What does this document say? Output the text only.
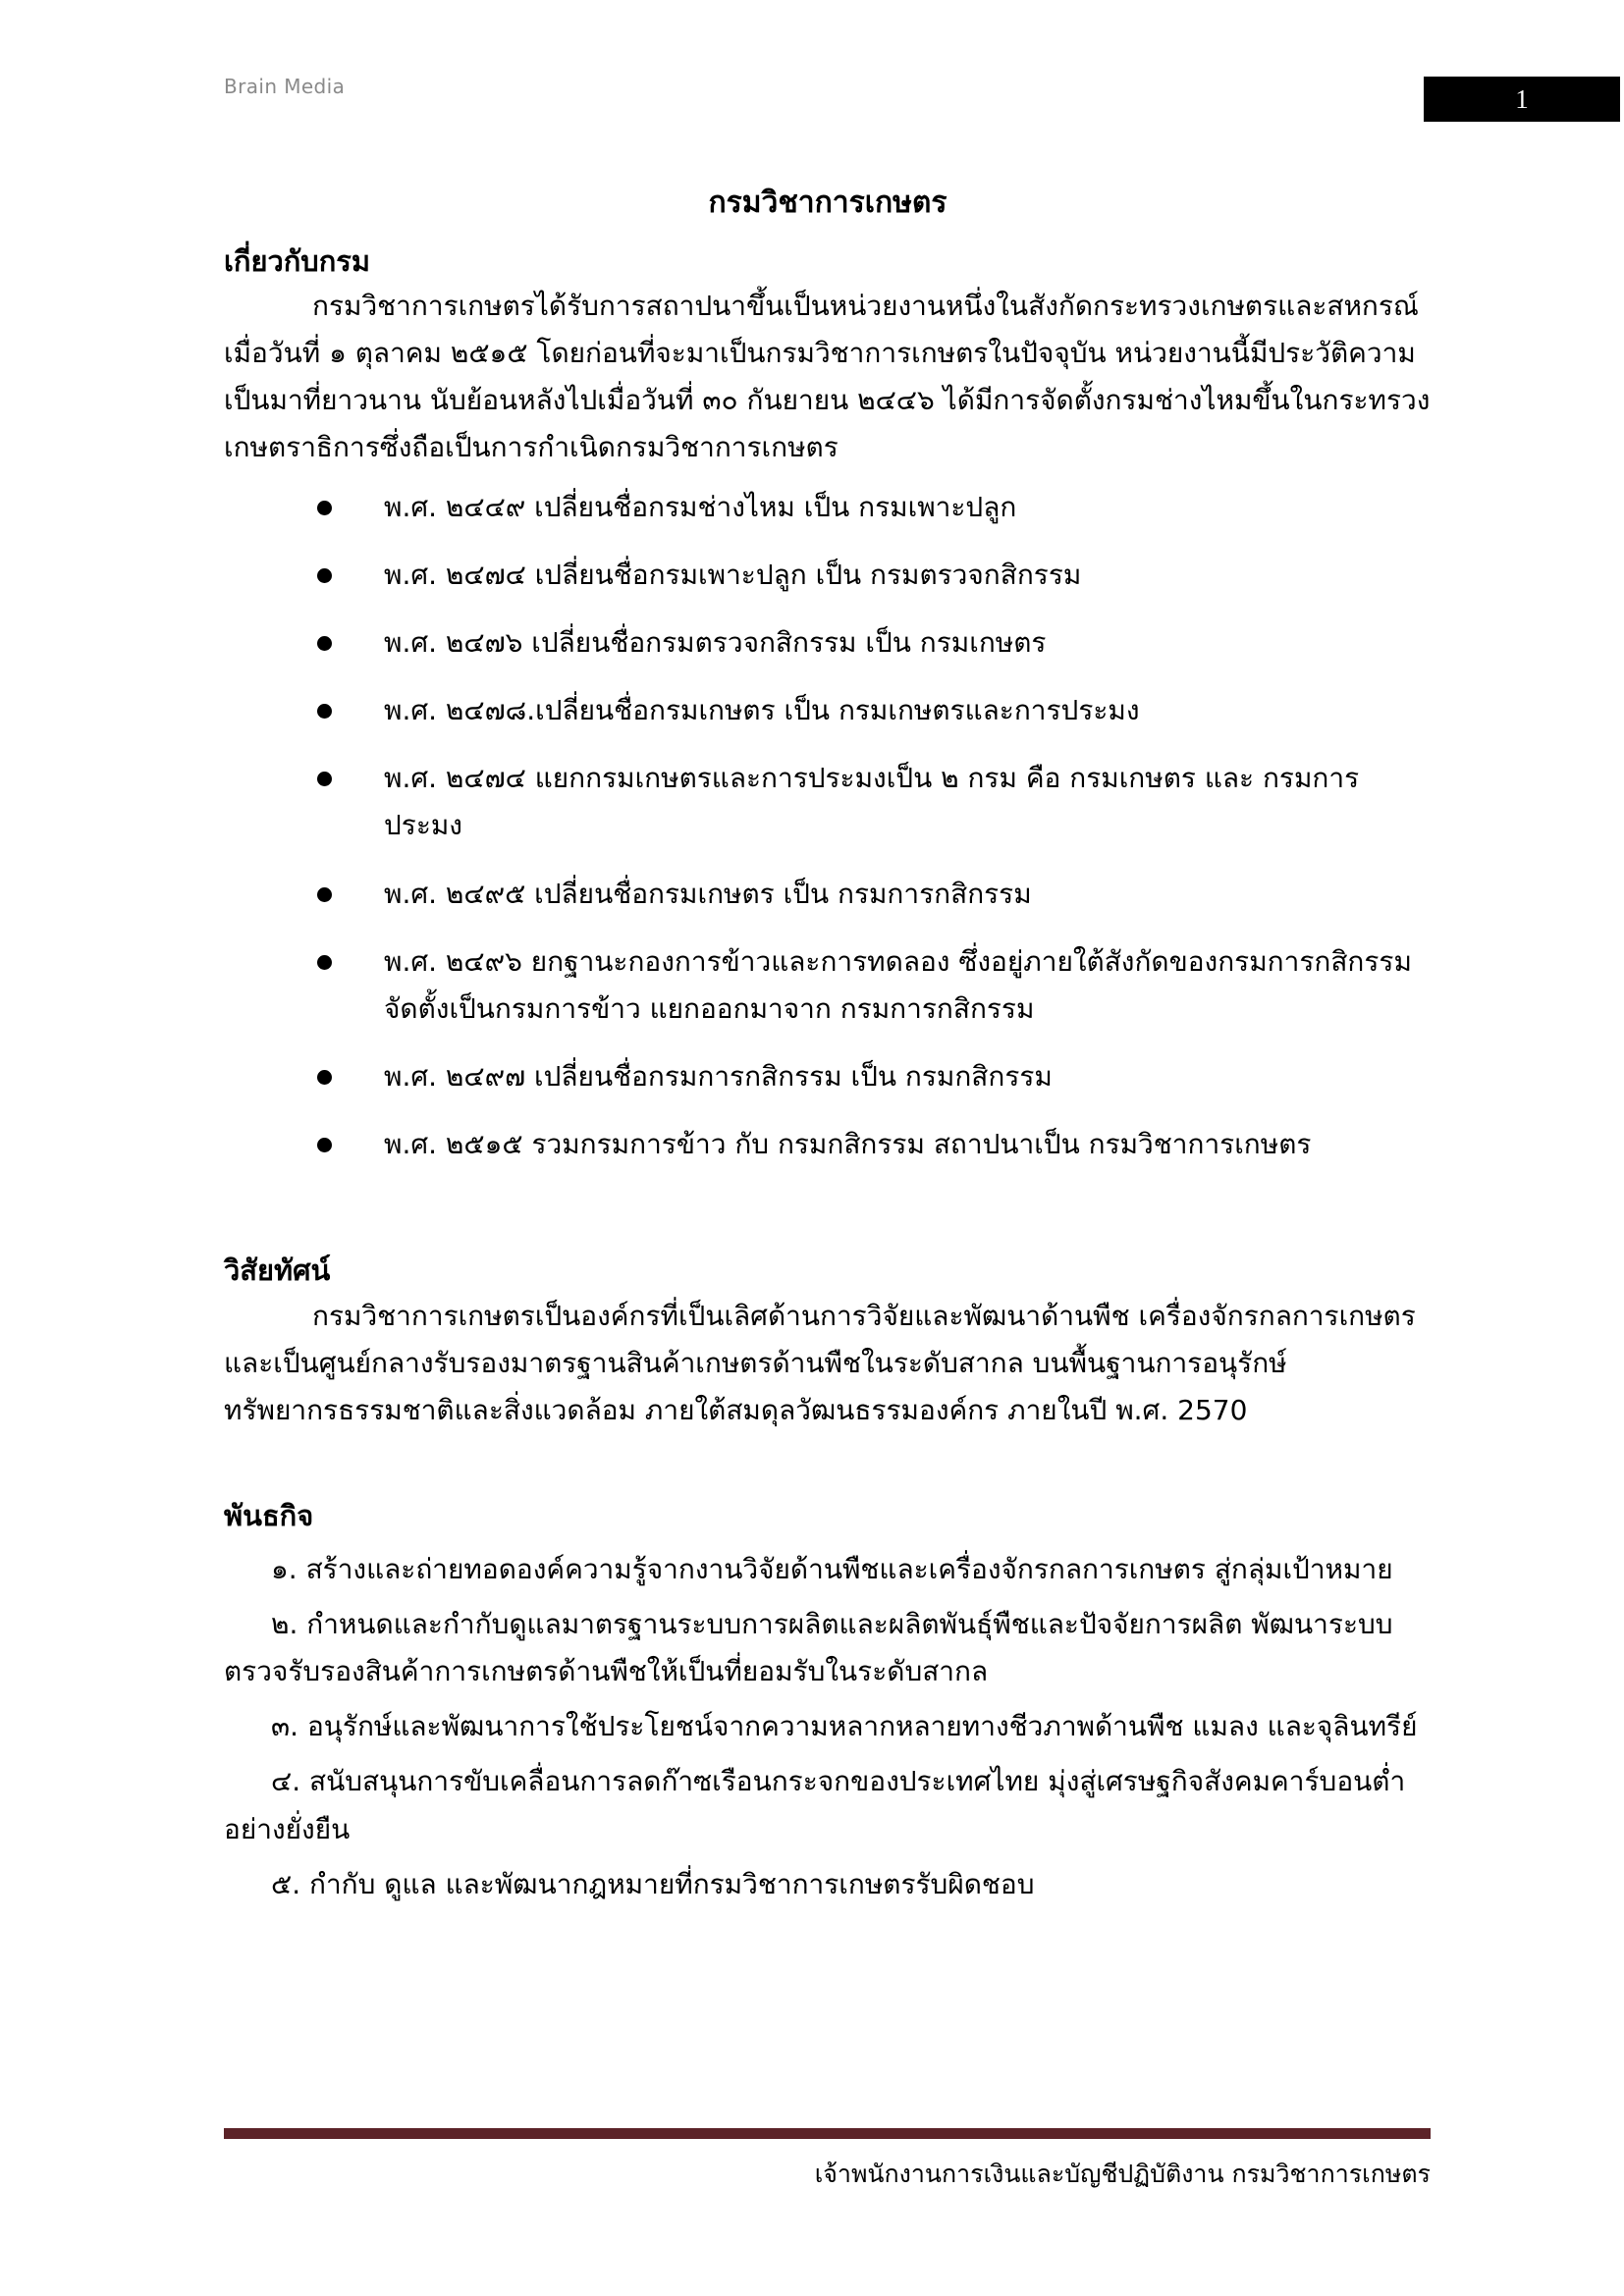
Brain Media	1
กรมวิชาการเกษตร
เกี่ยวกับกรม

กรมวิชาการเกษตรได้รับการสถาปนาขึ้นเป็นหน่วยงานหนึ่งในสังกัดกระทรวงเกษตรและสหกรณ์ เมื่อวันที่ ๑ ตุลาคม ๒๕๑๕ โดยก่อนที่จะมาเป็นกรมวิชาการเกษตรในปัจจุบัน หน่วยงานนี้มีประวัติความเป็นมาที่ยาวนาน นับย้อนหลังไปเมื่อวันที่ ๓๐ กันยายน ๒๔๔๖ ได้มีการจัดตั้งกรมช่างไหมขึ้นในกระทรวงเกษตราธิการซึ่งถือเป็นการกำเนิดกรมวิชาการเกษตร

พ.ศ. ๒๔๔๙ เปลี่ยนชื่อกรมช่างไหม เป็น กรมเพาะปลูก
พ.ศ. ๒๔๗๔ เปลี่ยนชื่อกรมเพาะปลูก เป็น กรมตรวจกสิกรรม
พ.ศ. ๒๔๗๖ เปลี่ยนชื่อกรมตรวจกสิกรรม เป็น กรมเกษตร
พ.ศ. ๒๔๗๘.เปลี่ยนชื่อกรมเกษตร เป็น กรมเกษตรและการประมง
พ.ศ. ๒๔๗๔ แยกกรมเกษตรและการประมงเป็น ๒ กรม คือ กรมเกษตร และ กรมการประมง
พ.ศ. ๒๔๙๕ เปลี่ยนชื่อกรมเกษตร เป็น กรมการกสิกรรม
พ.ศ. ๒๔๙๖ ยกฐานะกองการข้าวและการทดลอง ซึ่งอยู่ภายใต้สังกัดของกรมการกสิกรรม จัดตั้งเป็นกรมการข้าว แยกออกมาจาก กรมการกสิกรรม
พ.ศ. ๒๔๙๗ เปลี่ยนชื่อกรมการกสิกรรม เป็น กรมกสิกรรม
พ.ศ. ๒๕๑๕ รวมกรมการข้าว กับ กรมกสิกรรม สถาปนาเป็น กรมวิชาการเกษตร
วิสัยทัศน์

กรมวิชาการเกษตรเป็นองค์กรที่เป็นเลิศด้านการวิจัยและพัฒนาด้านพืช เครื่องจักรกลการเกษตร และเป็นศูนย์กลางรับรองมาตรฐานสินค้าเกษตรด้านพืชในระดับสากล บนพื้นฐานการอนุรักษ์ทรัพยากรธรรมชาติและสิ่งแวดล้อม ภายใต้สมดุลวัฒนธรรมองค์กร ภายในปี พ.ศ. 2570

พันธกิจ
๑. สร้างและถ่ายทอดองค์ความรู้จากงานวิจัยด้านพืชและเครื่องจักรกลการเกษตร สู่กลุ่มเป้าหมาย
๒. กำหนดและกำกับดูแลมาตรฐานระบบการผลิตและผลิตพันธุ์พืชและปัจจัยการผลิต พัฒนาระบบตรวจรับรองสินค้าการเกษตรด้านพืชให้เป็นที่ยอมรับในระดับสากล
๓. อนุรักษ์และพัฒนาการใช้ประโยชน์จากความหลากหลายทางชีวภาพด้านพืช แมลง และจุลินทรีย์
๔. สนับสนุนการขับเคลื่อนการลดก๊าซเรือนกระจกของประเทศไทย มุ่งสู่เศรษฐกิจสังคมคาร์บอนต่ำอย่างยั่งยืน
๕. กำกับ ดูแล และพัฒนากฎหมายที่กรมวิชาการเกษตรรับผิดชอบ
เจ้าพนักงานการเงินและบัญชีปฏิบัติงาน กรมวิชาการเกษตร
